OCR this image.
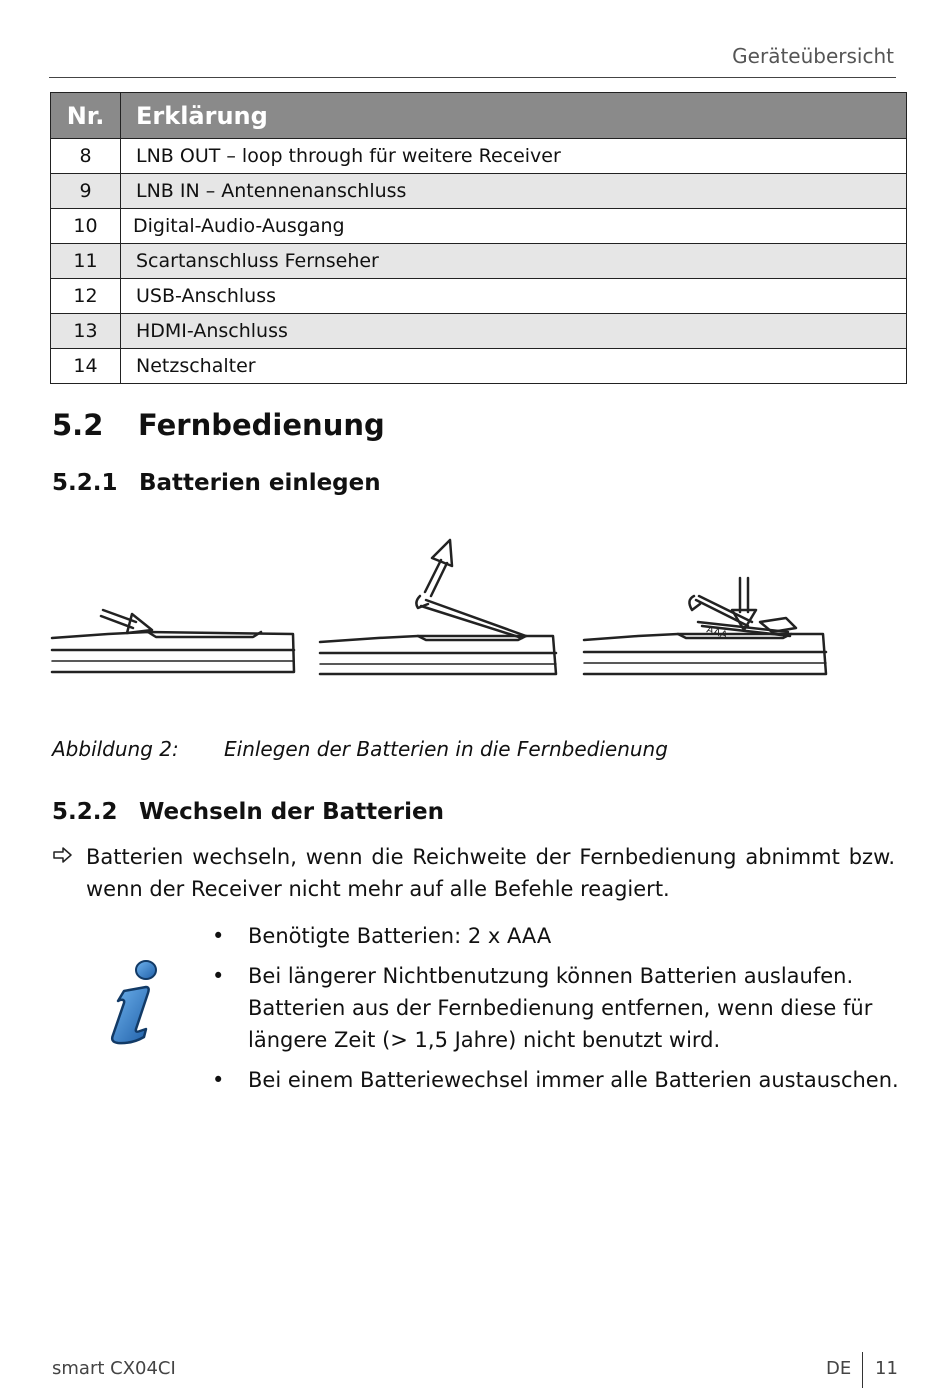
Geräteübersicht
Nr.	Erklärung
8	LNB OUT – loop through für weitere Receiver
9	LNB IN – Antennenanschluss
10	Digital-Audio-Ausgang
11	Scartanschluss Fernseher
12	USB-Anschluss
13	HDMI-Anschluss
14	Netzschalter
5.2 Fernbedienung
5.2.1 Batterien einlegen
AAA
Abbildung 2: Einlegen der Batterien in die Fernbedienung
5.2.2 Wechseln der Batterien
Batterien wechseln, wenn die Reichweite der Fernbedienung abnimmt bzw. wenn der Receiver nicht mehr auf alle Befehle reagiert.
• Benötigte Batterien: 2 x AAA
• Bei längerer Nichtbenutzung können Batterien auslaufen. Batterien aus der Fernbedienung entfernen, wenn diese für längere Zeit (> 1,5 Jahre) nicht benutzt wird.
• Bei einem Batteriewechsel immer alle Batterien austauschen.
smart CX04CI	DE 11
